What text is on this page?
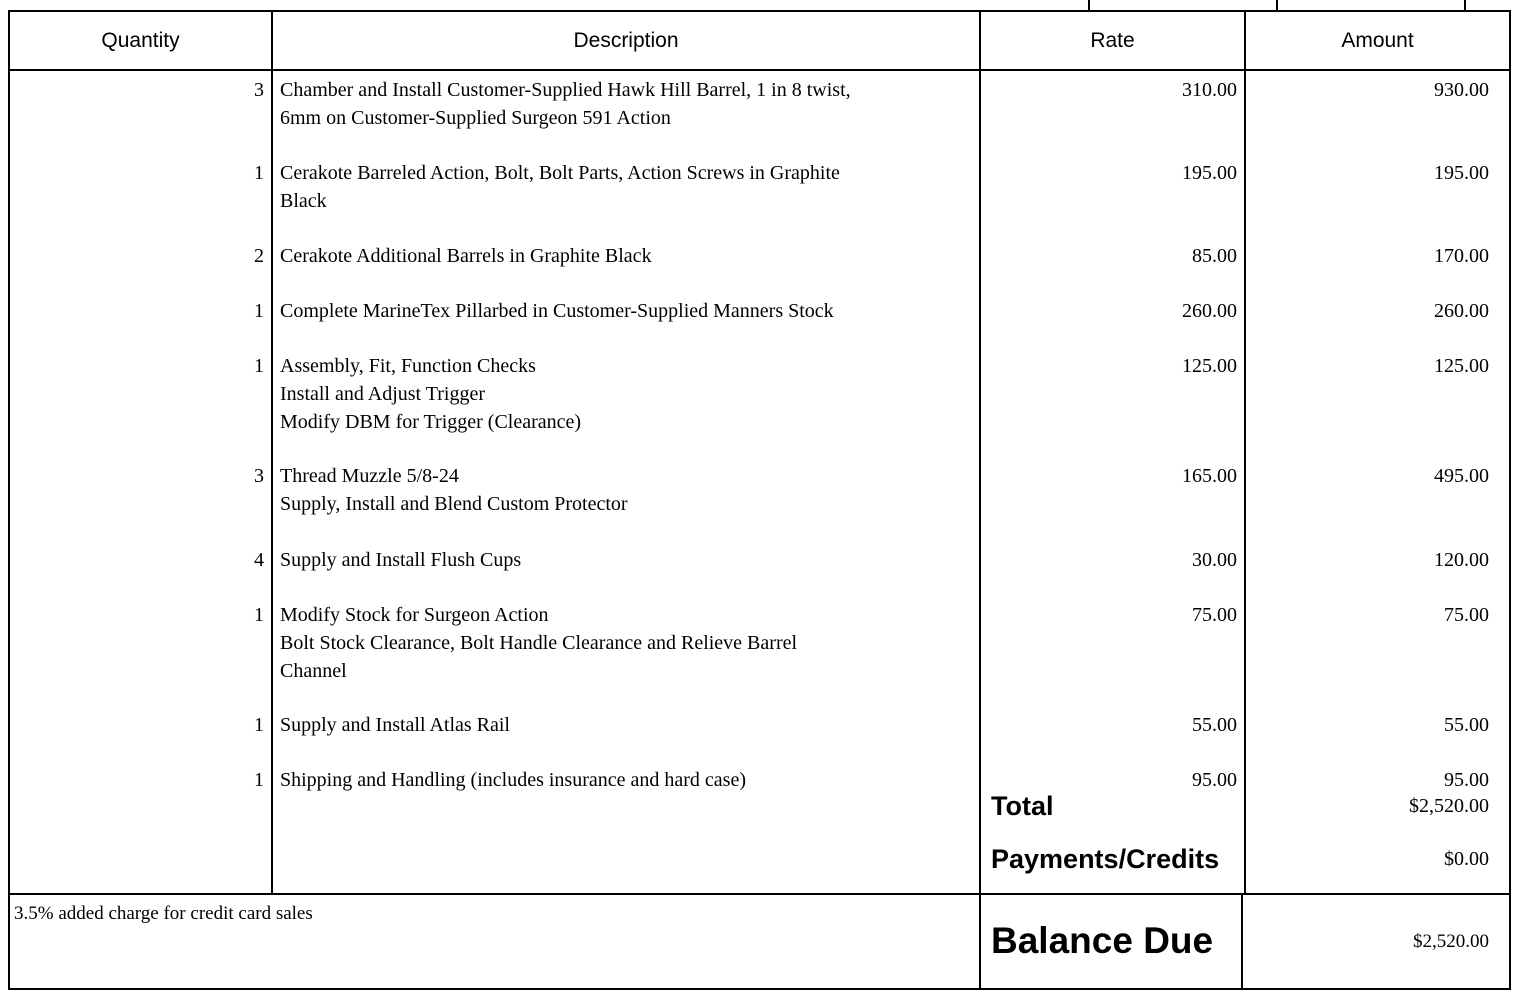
Quantity	Description	Rate	Amount
3 Chamber and Install Customer-Supplied Hawk Hill Barrel, 1 in 8 twist,
6mm on Customer-Supplied Surgeon 591 Action
310.00	930.00
1 Cerakote Barreled Action, Bolt, Bolt Parts, Action Screws in Graphite
Black
195.00	195.00
2 Cerakote Additional Barrels in Graphite Black	85.00	170.00
1 Complete MarineTex Pillarbed in Customer-Supplied Manners Stock	260.00	260.00
1 Assembly, Fit, Function Checks
Install and Adjust Trigger
Modify DBM for Trigger (Clearance)
125.00	125.00
3 Thread Muzzle 5/8-24
Supply, Install and Blend Custom Protector
165.00	495.00
4 Supply and Install Flush Cups	30.00	120.00
1 Modify Stock for Surgeon Action
Bolt Stock Clearance, Bolt Handle Clearance and Relieve Barrel
Channel
75.00	75.00
1 Supply and Install Atlas Rail	55.00	55.00
1 Shipping and Handling (includes insurance and hard case)	95.00	95.00
Total	$2,520.00
Payments/Credits	$0.00
3.5% added charge for credit card sales
Balance Due	$2,520.00
